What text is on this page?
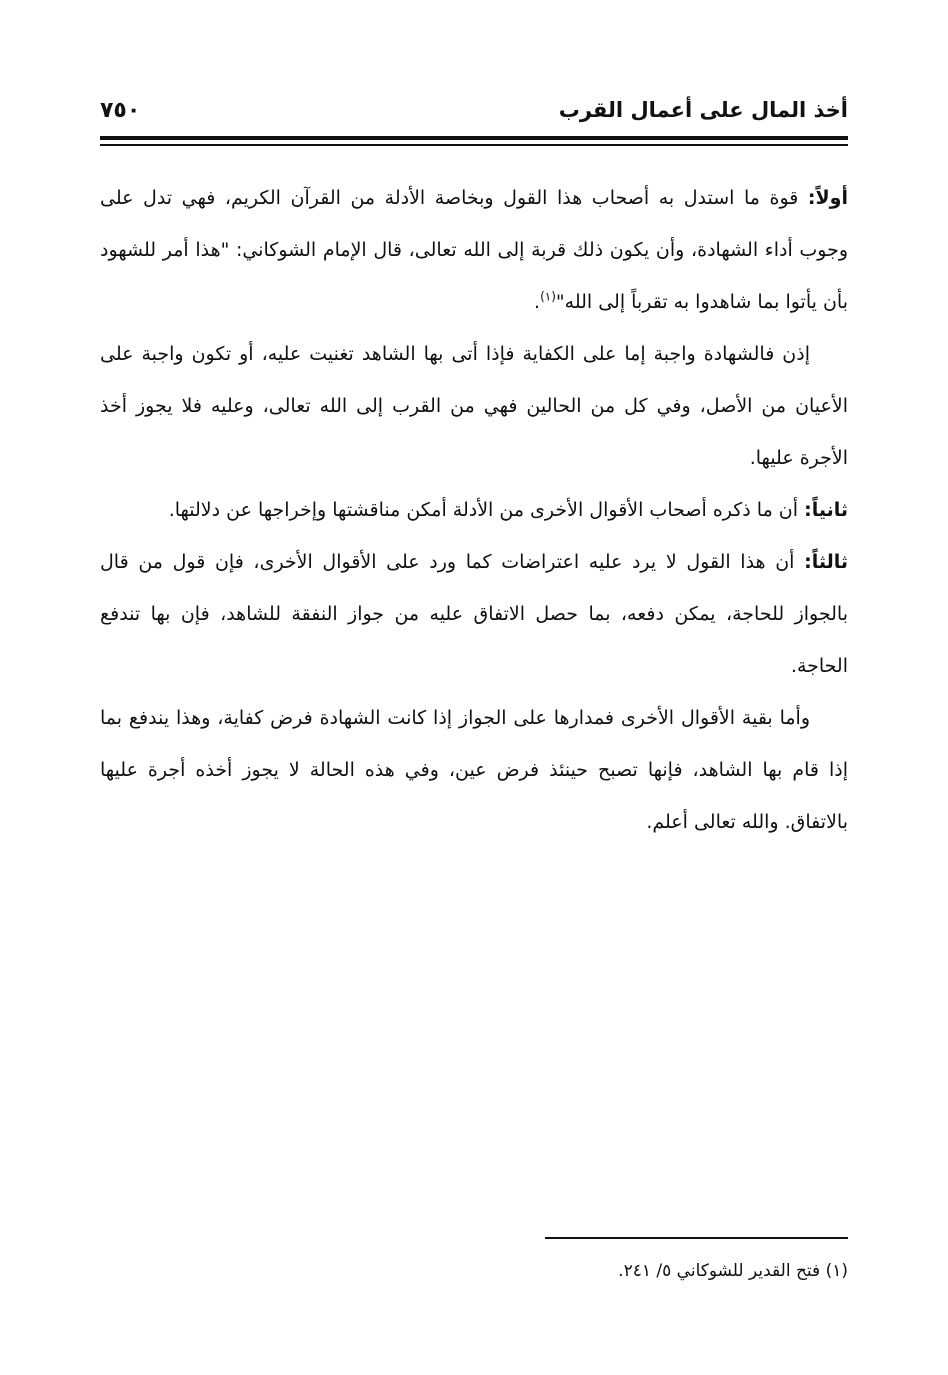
أخذ المال على أعمال القرب
٧٥٠

أولاً: قوة ما استدل به أصحاب هذا القول وبخاصة الأدلة من القرآن الكريم، فهي تدل على وجوب أداء الشهادة، وأن يكون ذلك قربة إلى الله تعالى، قال الإمام الشوكاني: "هذا أمر للشهود بأن يأتوا بما شاهدوا به تقرباً إلى الله"$^{(١)}$.

إذن فالشهادة واجبة إما على الكفاية فإذا أتى بها الشاهد تغنيت عليه، أو تكون واجبة على الأعيان من الأصل، وفي كل من الحالين فهي من القرب إلى الله تعالى، وعليه فلا يجوز أخذ الأجرة عليها.

ثانياً: أن ما ذكره أصحاب الأقوال الأخرى من الأدلة أمكن مناقشتها وإخراجها عن دلالتها.

ثالثاً: أن هذا القول لا يرد عليه اعتراضات كما ورد على الأقوال الأخرى، فإن قول من قال بالجواز للحاجة، يمكن دفعه، بما حصل الاتفاق عليه من جواز النفقة للشاهد، فإن بها تندفع الحاجة.

وأما بقية الأقوال الأخرى فمدارها على الجواز إذا كانت الشهادة فرض كفاية، وهذا يندفع بما إذا قام بها الشاهد، فإنها تصبح حينئذ فرض عين، وفي هذه الحالة لا يجوز أخذه أجرة عليها بالاتفاق. والله تعالى أعلم.

(١) فتح القدير للشوكاني ٥/ ٢٤١.
